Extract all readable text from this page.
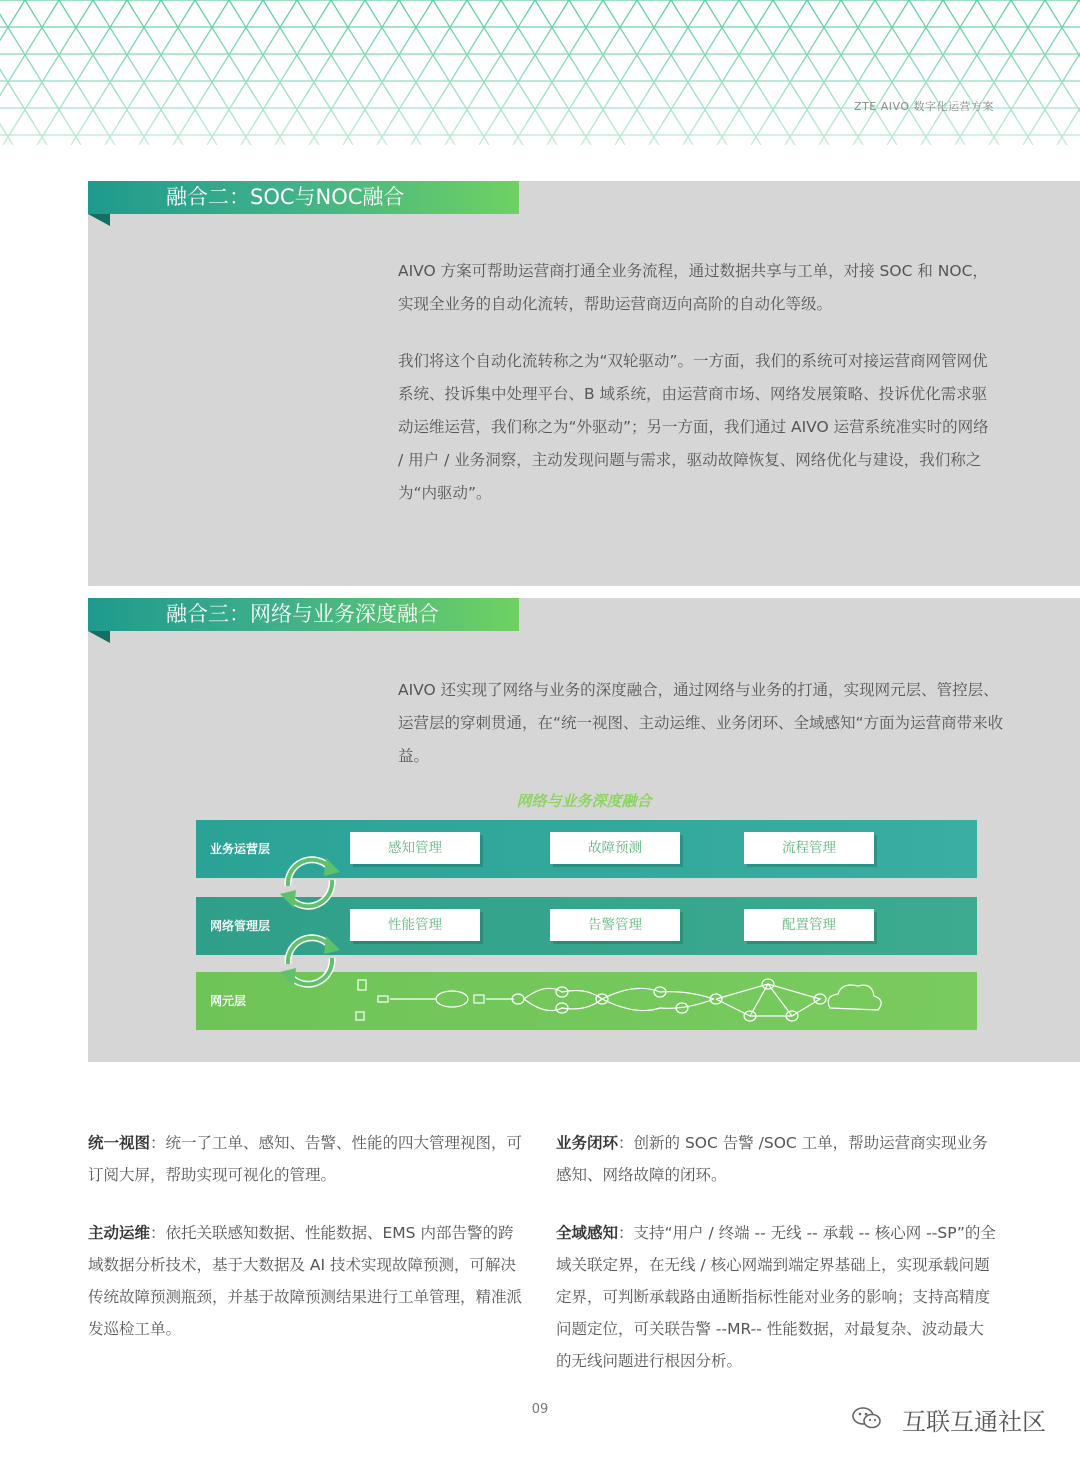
ZTE AIVO 数字化运营方案
融合二：SOC与NOC融合

AIVO 方案可帮助运营商打通全业务流程，通过数据共享与工单，对接 SOC 和 NOC，实现全业务的自动化流转，帮助运营商迈向高阶的自动化等级。

我们将这个自动化流转称之为“双轮驱动”。一方面，我们的系统可对接运营商网管网优系统、投诉集中处理平台、B 域系统，由运营商市场、网络发展策略、投诉优化需求驱动运维运营，我们称之为“外驱动”；另一方面，我们通过 AIVO 运营系统准实时的网络 / 用户 / 业务洞察，主动发现问题与需求，驱动故障恢复、网络优化与建设，我们称之为“内驱动”。

融合三：网络与业务深度融合

AIVO 还实现了网络与业务的深度融合，通过网络与业务的打通，实现网元层、管控层、运营层的穿刺贯通，在“统一视图、主动运维、业务闭环、全域感知“方面为运营商带来收益。

网络与业务深度融合
业务运营层	感知管理	故障预测	流程管理
网络管理层	性能管理	告警管理	配置管理
网元层

统一视图：统一了工单、感知、告警、性能的四大管理视图，可订阅大屏，帮助实现可视化的管理。

主动运维：依托关联感知数据、性能数据、EMS 内部告警的跨域数据分析技术，基于大数据及 AI 技术实现故障预测，可解决传统故障预测瓶颈，并基于故障预测结果进行工单管理，精准派发巡检工单。

业务闭环：创新的 SOC 告警 /SOC 工单，帮助运营商实现业务感知、网络故障的闭环。

全域感知：支持“用户 / 终端 -- 无线 -- 承载 -- 核心网 --SP”的全域关联定界，在无线 / 核心网端到端定界基础上，实现承载问题定界，可判断承载路由通断指标性能对业务的影响；支持高精度问题定位，可关联告警 --MR-- 性能数据，对最复杂、波动最大的无线问题进行根因分析。

09	互联互通社区
